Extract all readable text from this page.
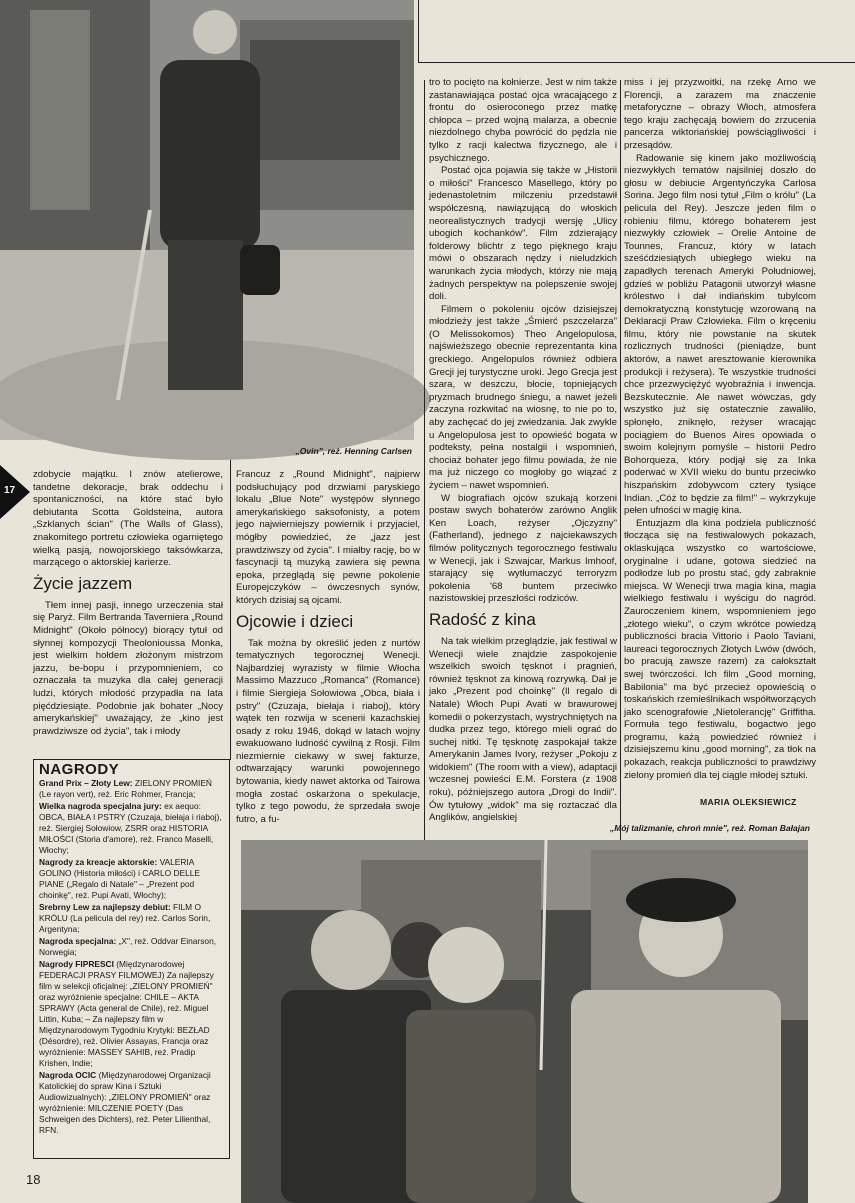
„Ovin", reż. Henning Carlsen
17

zdobycie majątku. I znów atelierowe, tandetne dekoracje, brak oddechu i spontaniczności, na które stać było debiutanta Scotta Goldsteina, autora „Szklanych ścian" (The Walls of Glass), znakomitego portretu człowieka ogarniętego wielką pasją, nowojorskiego taksówkarza, marzącego o aktorskiej karierze.

Życie jazzem

Tłem innej pasji, innego urzeczenia stał się Paryż. Film Bertranda Taverniera „Round Midnight" (Około północy) biorący tytuł od słynnej kompozycji Theolonioussa Monka, jest wielkim hołdem złożonym mistrzom jazzu, be-bopu i przypomnieniem, co oznaczała ta muzyka dla całej generacji ludzi, których młodość przypadła na lata pięćdziesiąte. Podobnie jak bohater „Nocy amerykańskiej" uważający, że „kino jest prawdziwsze od życia", tak i młody

NAGRODY

Grand Prix – Złoty Lew: ZIELONY PROMIEŃ (Le rayon vert), reż. Eric Rohmer, Francja;

Wielka nagroda specjalna jury: ex aequo: OBCA, BIAŁA I PSTRY (Czuzaja, biełaja i riaboj), reż. Siergiej Sołowiow, ZSRR oraz HISTORIA MIŁOŚCI (Storia d'amore), reż. Franco Maselli, Włochy;

Nagrody za kreacje aktorskie: VALERIA GOLINO (Historia miłości) i CARLO DELLE PIANE („Regalo di Natale" – „Prezent pod choinkę", reż. Pupi Avati, Włochy);

Srebrny Lew za najlepszy debiut: FILM O KRÓLU (La pelicula del rey) reż. Carlos Sorin, Argentyna;

Nagroda specjalna: „X", reż. Oddvar Einarson, Norwegia;

Nagrody FIPRESCI (Międzynarodowej FEDERACJI PRASY FILMOWEJ) Za najlepszy film w selekcji oficjalnej: „ZIELONY PROMIEŃ" oraz wyróżnienie specjalne: CHILE – AKTA SPRAWY (Acta general de Chile), reż. Miguel Littin, Kuba; – Za najlepszy film w Międzynarodowym Tygodniu Krytyki: BEZŁAD (Désordre), reż. Olivier Assayas, Francja oraz wyróżnienie: MASSEY SAHIB, reż. Pradip Krishen, Indie;

Nagroda OCIC (Międzynarodowej Organizacji Katolickiej do spraw Kina i Sztuki Audiowizualnych): „ZIELONY PROMIEŃ" oraz wyróżnienie: MILCZENIE POETY (Das Schweigen des Dichters), reż. Peter Lilienthal, RFN.

Francuz z „Round Midnight", najpierw podsłuchujący pod drzwiami paryskiego lokalu „Blue Note" występów słynnego amerykańskiego saksofonisty, a potem jego najwierniejszy powiernik i przyjaciel, mógłby powiedzieć, że „jazz jest prawdziwszy od życia". I miałby rację, bo w fascynacji tą muzyką zawiera się pewna epoka, przeglądą się pewne pokolenie Europejczyków – ówczesnych synów, których dzisiaj są ojcami.

Ojcowie i dzieci

Tak można by określić jeden z nurtów tematycznych tegorocznej Wenecji. Najbardziej wyrazisty w filmie Włocha Massimo Mazzuco „Romanca" (Romance) i filmie Siergieja Sołowiowa „Obca, biała i pstry" (Czuzaja, biełaja i riaboj), który wątek ten rozwija w scenerii kazachskiej osady z roku 1946, dokąd w latach wojny ewakuowano ludność cywilną z Rosji. Film niezmiernie ciekawy w swej fakturze, odtwarzający warunki powojennego bytowania, kiedy nawet aktorka od Tairowa mogła zostać oskarżona o spekulacje, tylko z tego powodu, że sprzedała swoje futro, a fu-

tro to pocięto na kołnierze. Jest w nim także zastanawiająca postać ojca wracającego z frontu do osieroconego przez matkę chłopca – przed wojną malarza, a obecnie niezdolnego chyba powrócić do pędzla nie tylko z racji kalectwa fizycznego, ale i psychicznego.

Postać ojca pojawia się także w „Historii o miłości" Francesco Masellego, który po jedenastoletnim milczeniu przedstawił współczesną, nawiązującą do włoskich neorealistycznych tradycji wersję „Ulicy ubogich kochanków". Film zdzierający folderowy blichtr z tego pięknego kraju mówi o obszarach nędzy i nieludzkich warunkach życia młodych, którzy nie mają żadnych perspektyw na polepszenie swojej doli.

Filmem o pokoleniu ojców dzisiejszej młodzieży jest także „Śmierć pszczelarza" (O Melissokomos) Theo Angelopulosa, najświeższego obecnie reprezentanta kina greckiego. Angelopulos również odbiera Grecji jej turystyczne uroki. Jego Grecja jest szara, w deszczu, błocie, topniejących pryzmach brudnego śniegu, a nawet jeżeli zaczyna rozkwitać na wiosnę, to nie po to, aby zachęcać do jej zwiedzania. Jak zwykle u Angelopulosa jest to opowieść bogata w podteksty, pełna nostalgii i wspomnień, chociaż bohater jego filmu powiada, że nie ma już niczego co mogłoby go wiązać z życiem – nawet wspomnień.

W biografiach ojców szukają korzeni postaw swych bohaterów zarówno Anglik Ken Loach, reżyser „Ojczyzny" (Fatherland), jednego z najciekawszych filmów politycznych tegorocznego festiwalu w Wenecji, jak i Szwajcar, Markus Imhoof, starający się wytłumaczyć terroryzm pokolenia '68 buntem przeciwko nazistowskiej przeszłości rodziców.

Radość z kina

Na tak wielkim przeglądzie, jak festiwal w Wenecji wiele znajdzie zaspokojenie wszelkich swoich tęsknot i pragnień, również tęsknot za kinową rozrywką. Dał je jako „Prezent pod choinkę" (Il regalo di Natale) Włoch Pupi Avati w brawurowej komedii o pokerzystach, wystrychniętych na dudka przez tego, którego mieli ograć do suchej nitki. Tę tęsknotę zaspokajał także Amerykanin James Ivory, reżyser „Pokoju z widokiem" (The room with a view), adaptacji wczesnej powieści E.M. Forstera (z 1908 roku), późniejszego autora „Drogi do Indii". Ów tytułowy „widok" ma się roztaczać dla Anglików, angielskiej

miss i jej przyzwoitki, na rzekę Arno we Florencji, a zarazem ma znaczenie metaforyczne – obrazy Włoch, atmosfera tego kraju zachęcają bowiem do zrzucenia pancerza wiktoriańskiej powściągliwości i przesądów.

Radowanie się kinem jako możliwością niezwykłych tematów najsilniej doszło do głosu w debiucie Argentyńczyka Carlosa Sorina. Jego film nosi tytuł „Film o królu" (La pelicula del Rey). Jeszcze jeden film o robieniu filmu, którego bohaterem jest niezwykły człowiek – Orelie Antoine de Tounnes, Francuz, który w latach sześćdziesiątych ubiegłego wieku na zapadłych terenach Ameryki Południowej, gdzieś w pobliżu Patagonii utworzył własne królestwo i dał indiańskim tubylcom demokratyczną konstytucję wzorowaną na Deklaracji Praw Człowieka. Film o kręceniu filmu, który nie powstanie na skutek rozlicznych trudności (pieniądze, bunt aktorów, a nawet aresztowanie kierownika produkcji i reżysera). Te wszystkie trudności chce przezwyciężyć wyobraźnia i inwencja. Bezskutecznie. Ale nawet wówczas, gdy wszystko już się ostatecznie zawaliło, spłonęło, zniknęło, reżyser wracając pociągiem do Buenos Aires opowiada o swoim kolejnym pomyśle – historii Pedro Bohorqueza, który podjął się za Inka poderwać w XVII wieku do buntu przeciwko hiszpańskim zdobywcom cztery tysiące Indian. „Cóż to będzie za film!" – wykrzykuje pełen ufności w magię kina.

Entuzjazm dla kina podziela publiczność tłocząca się na festiwalowych pokazach, oklaskująca wszystko co wartościowe, oryginalne i udane, gotowa siedzieć na podłodze lub po prostu stać, gdy zabraknie miejsca. W Wenecji trwa magia kina, magia wielkiego festiwalu i wyścigu do nagród. Zauroczeniem kinem, wspomnieniem jego „złotego wieku", o czym wkrótce powiedzą publiczności bracia Vittorio i Paolo Taviani, laureaci tegorocznych Złotych Lwów (dwóch, bo pracują zawsze razem) za całokształt swej twórczości. Ich film „Good morning, Babilonia" ma być przecież opowieścią o toskańskich rzemieślnikach współtworzących jako scenografowie „Nietolerancję" Griffitha. Formuła tego festiwalu, bogactwo jego programu, każą powiedzieć również i dzisiejszemu kinu „good morning", za tłok na pokazach, reakcja publiczności to prawdziwy zielony promień dla tej ciągle młodej sztuki.

MARIA OLEKSIEWICZ
„Mój talizmanie, chroń mnie", reż. Roman Bałajan
18
